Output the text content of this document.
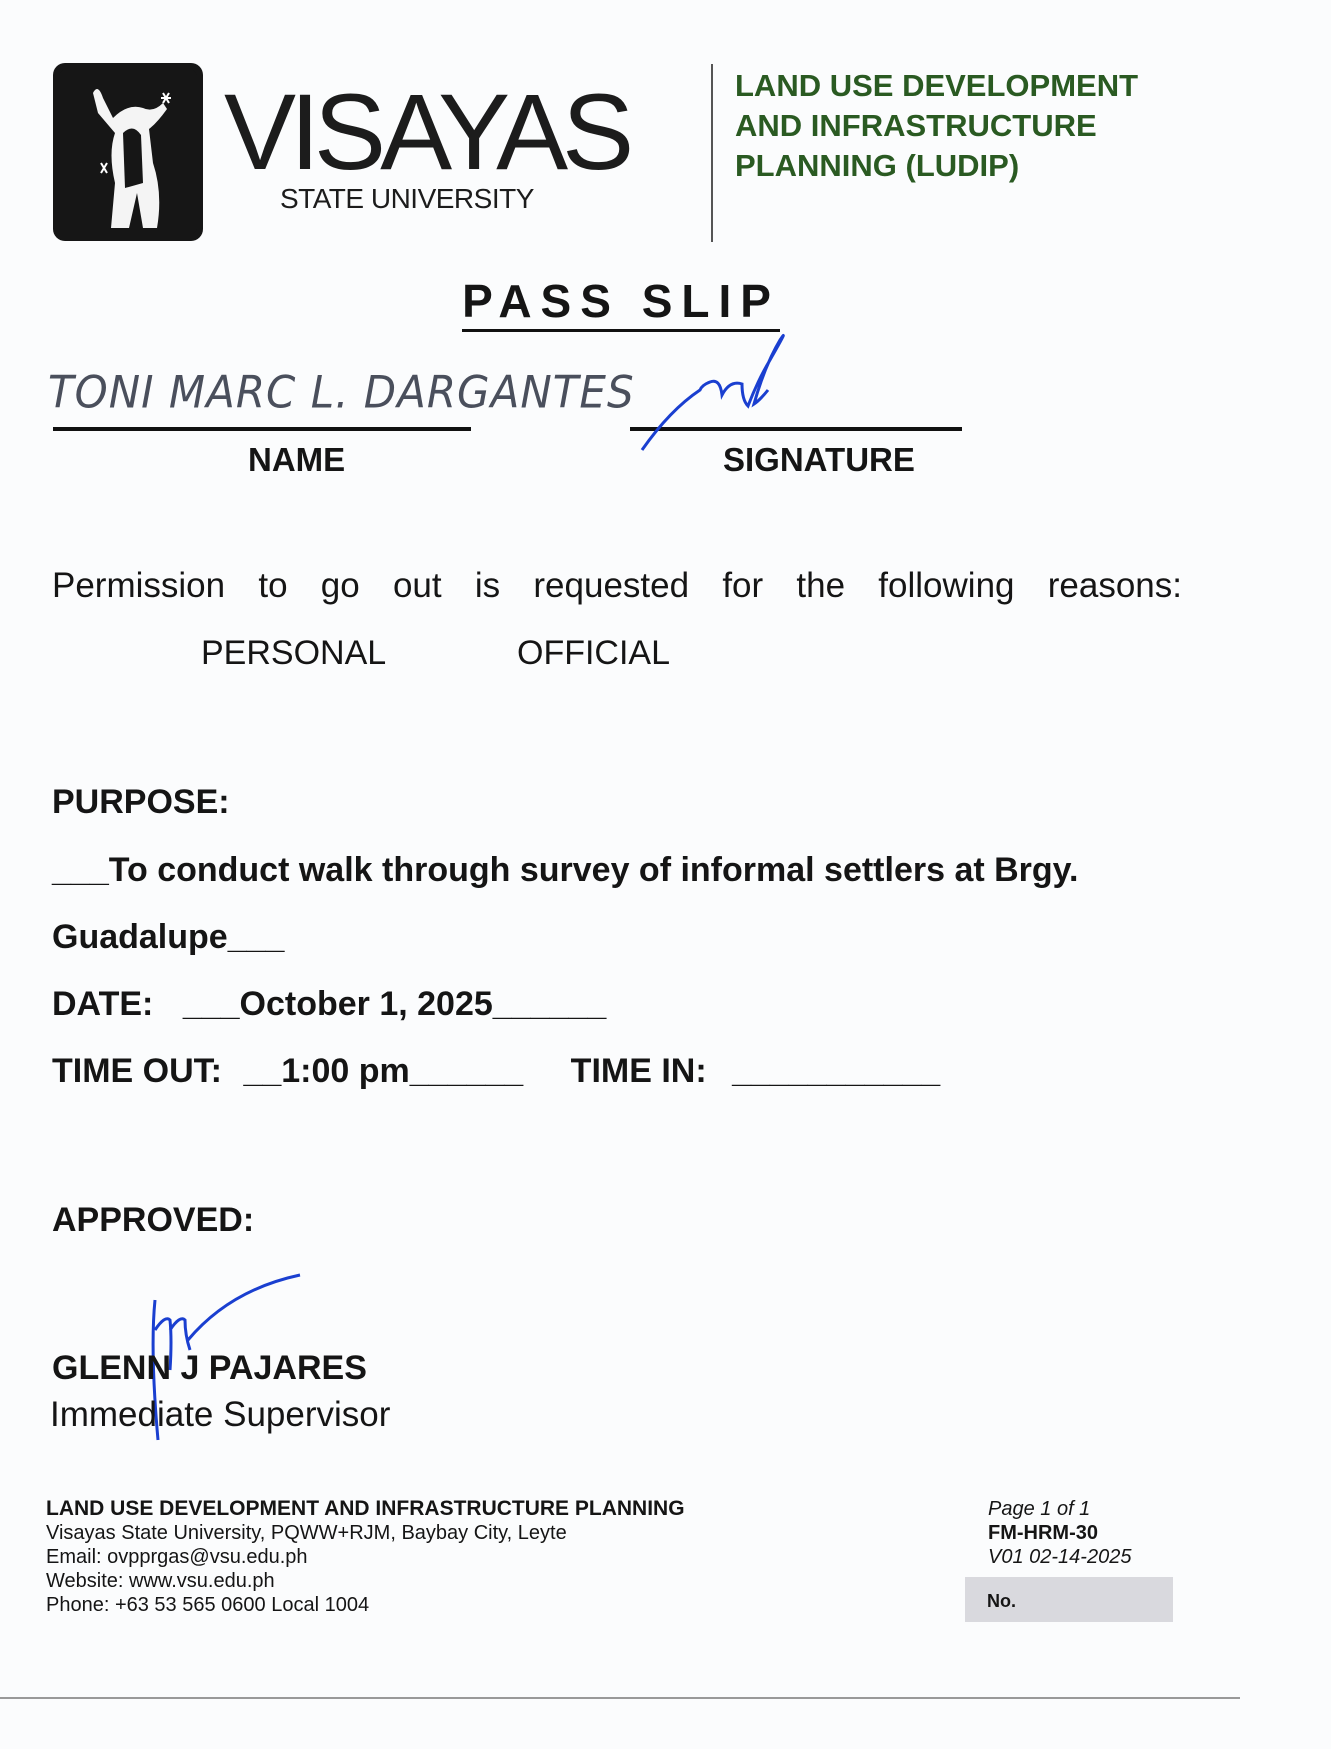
VISAYAS
STATE UNIVERSITY
LAND USE DEVELOPMENT
AND INFRASTRUCTURE
PLANNING (LUDIP)
PASS SLIP
TONI MARC L. DARGANTES
NAME	SIGNATURE
Permission to go out is requested for the following reasons:
PERSONAL	OFFICIAL
PURPOSE:
___To conduct walk through survey of informal settlers at Brgy.
Guadalupe___
DATE: ___October 1, 2025______
TIME OUT: __1:00 pm______ TIME IN: ___________
APPROVED:
GLENN J PAJARES
Immediate Supervisor
LAND USE DEVELOPMENT AND INFRASTRUCTURE PLANNING
Visayas State University, PQWW+RJM, Baybay City, Leyte
Email: ovpprgas@vsu.edu.ph
Website: www.vsu.edu.ph
Phone: +63 53 565 0600 Local 1004
Page 1 of 1
FM-HRM-30
V01 02-14-2025
No.
